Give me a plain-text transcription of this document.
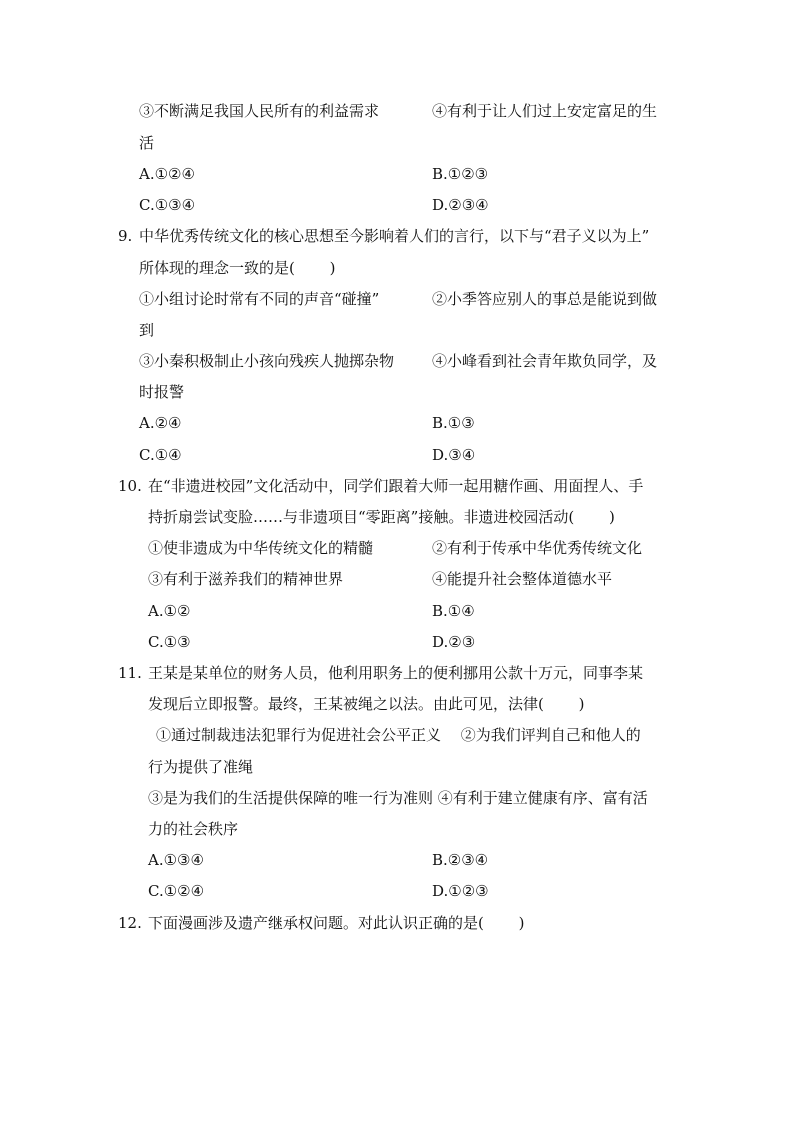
③不断满足我国人民所有的利益需求	④有利于让人们过上安定富足的生
活
A.①②④	B.①②③
C.①③④	D.②③④
9. 中华优秀传统文化的核心思想至今影响着人们的言行，以下与“君子义以为上”
所体现的理念一致的是(　　 )
①小组讨论时常有不同的声音“碰撞”	②小季答应别人的事总是能说到做
到
③小秦积极制止小孩向残疾人抛掷杂物	④小峰看到社会青年欺负同学，及
时报警
A.②④	B.①③
C.①④	D.③④
10. 在“非遗进校园”文化活动中，同学们跟着大师一起用糖作画、用面捏人、手
持折扇尝试变脸……与非遗项目“零距离”接触。非遗进校园活动(　　 )
①使非遗成为中华传统文化的精髓	②有利于传承中华优秀传统文化
③有利于滋养我们的精神世界	④能提升社会整体道德水平
A.①②	B.①④
C.①③	D.②③
11. 王某是某单位的财务人员，他利用职务上的便利挪用公款十万元，同事李某
发现后立即报警。最终，王某被绳之以法。由此可见，法律(　　 )
①通过制裁违法犯罪行为促进社会公平正义　 ②为我们评判自己和他人的
行为提供了准绳
③是为我们的生活提供保障的唯一行为准则 ④有利于建立健康有序、富有活
力的社会秩序
A.①③④	B.②③④
C.①②④	D.①②③
12. 下面漫画涉及遗产继承权问题。对此认识正确的是(　　 )
